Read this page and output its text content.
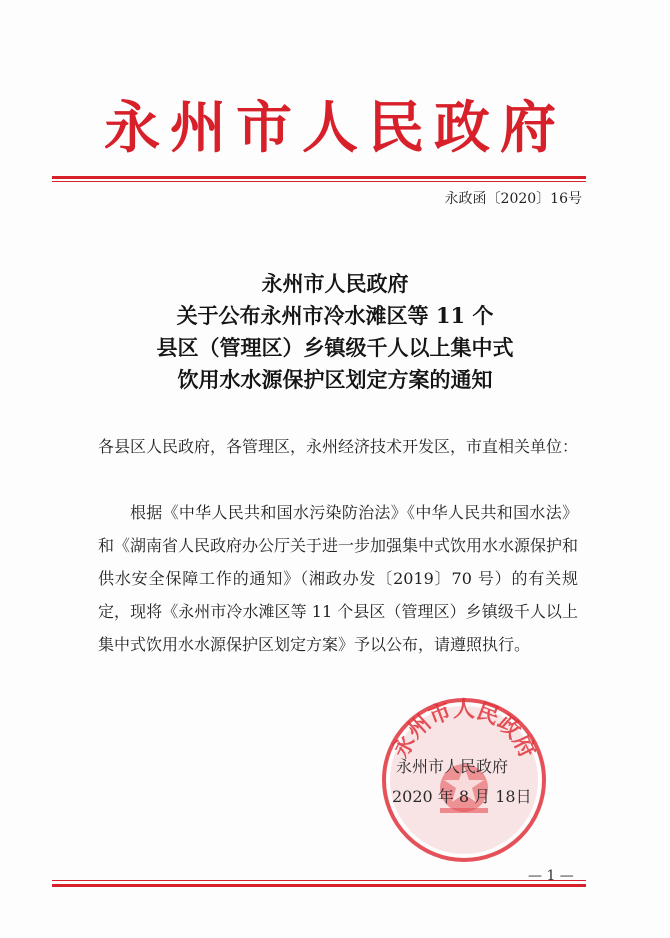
永州市人民政府
永政函〔2020〕16号
永州市人民政府
关于公布永州市冷水滩区等 11 个
县区（管理区）乡镇级千人以上集中式
饮用水水源保护区划定方案的通知
各县区人民政府，各管理区，永州经济技术开发区，市直相关单位：
根据《中华人民共和国水污染防治法》《中华人民共和国水法》和《湖南省人民政府办公厅关于进一步加强集中式饮用水水源保护和供水安全保障工作的通知》（湘政办发〔2019〕70 号）的有关规定，现将《永州市冷水滩区等 11 个县区（管理区）乡镇级千人以上集中式饮用水水源保护区划定方案》予以公布，请遵照执行。
永州市人民政府
永州市人民政府
2020 年 8 月 18日
— 1 —
